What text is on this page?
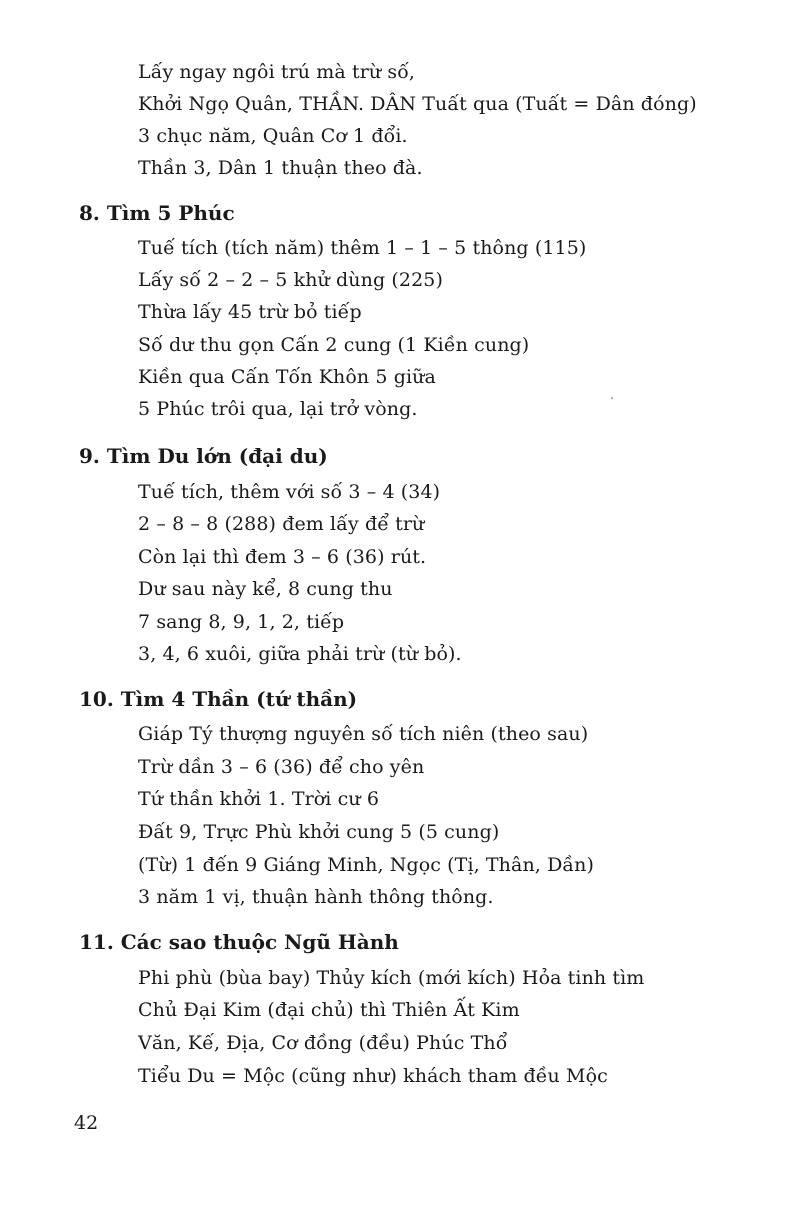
Lấy ngay ngôi trú mà trừ số,
Khởi Ngọ Quân, THẦN. DÂN Tuất qua (Tuất = Dân đóng)
3 chục năm, Quân Cơ 1 đổi.
Thần 3, Dân 1 thuận theo đà.
8. Tìm 5 Phúc
Tuế tích (tích năm) thêm 1 – 1 – 5 thông (115)
Lấy số 2 – 2 – 5 khử dùng (225)
Thừa lấy 45 trừ bỏ tiếp
Số dư thu gọn Cấn 2 cung (1 Kiền cung)
Kiền qua Cấn Tốn Khôn 5 giữa
5 Phúc trôi qua, lại trở vòng.
9. Tìm Du lớn (đại du)
Tuế tích, thêm với số 3 – 4 (34)
2 – 8 – 8 (288) đem lấy để trừ
Còn lại thì đem 3 – 6 (36) rút.
Dư sau này kể, 8 cung thu
7 sang 8, 9, 1, 2, tiếp
3, 4, 6 xuôi, giữa phải trừ (từ bỏ).
10. Tìm 4 Thần (tứ thần)
Giáp Tý thượng nguyên số tích niên (theo sau)
Trừ dần 3 – 6 (36) để cho yên
Tứ thần khởi 1. Trời cư 6
Đất 9, Trực Phù khởi cung 5 (5 cung)
(Từ) 1 đến 9 Giáng Minh, Ngọc (Tị, Thân, Dần)
3 năm 1 vị, thuận hành thông thông.
11. Các sao thuộc Ngũ Hành
Phi phù (bùa bay) Thủy kích (mới kích) Hỏa tinh tìm
Chủ Đại Kim (đại chủ) thì Thiên Ất Kim
Văn, Kế, Địa, Cơ đồng (đều) Phúc Thổ
Tiểu Du = Mộc (cũng như) khách tham đều Mộc
42
